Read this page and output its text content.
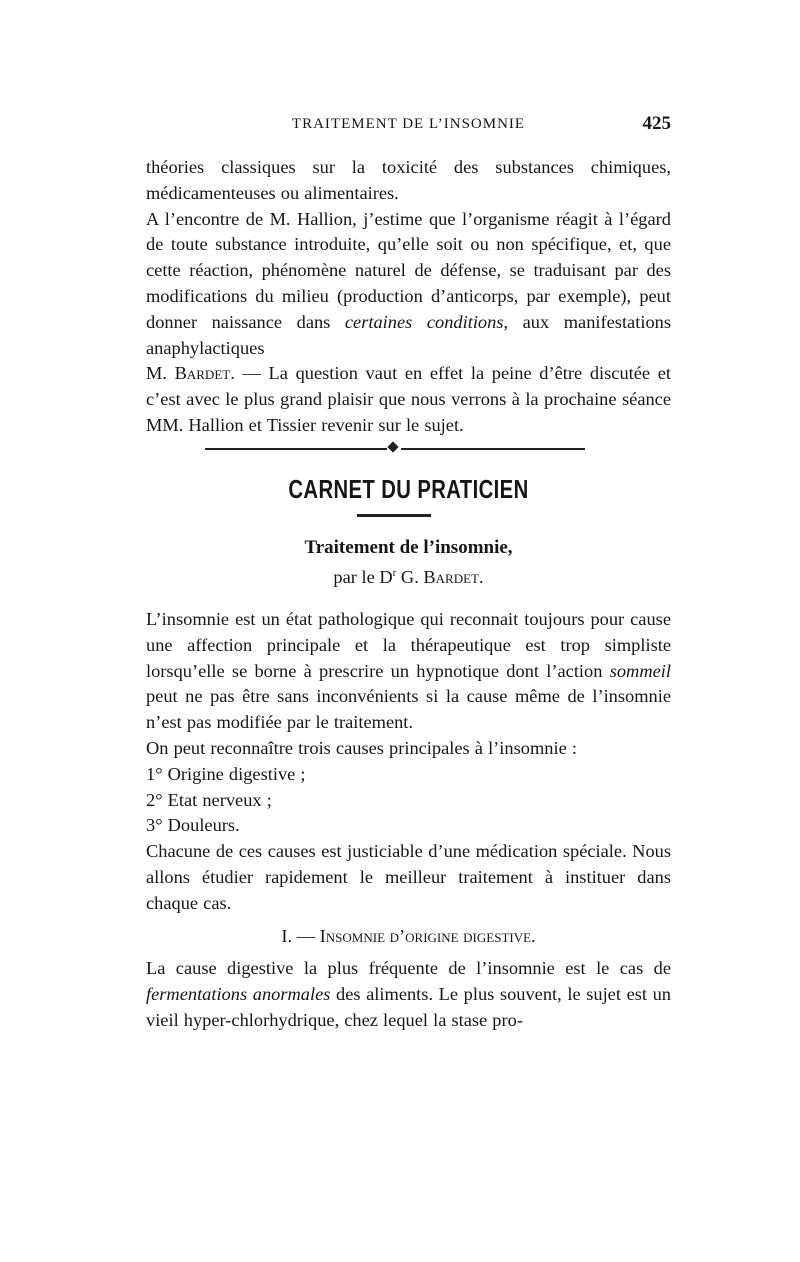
TRAITEMENT DE L’INSOMNIE	425

théories classiques sur la toxicité des substances chimiques, médicamenteuses ou alimentaires.

A l’encontre de M. Hallion, j’estime que l’organisme réagit à l’égard de toute substance introduite, qu’elle soit ou non spécifique, et, que cette réaction, phénomène naturel de défense, se traduisant par des modifications du milieu (production d’anticorps, par exemple), peut donner naissance dans certaines conditions, aux manifestations anaphylactiques

M. Bardet. — La question vaut en effet la peine d’être discutée et c’est avec le plus grand plaisir que nous verrons à la prochaine séance MM. Hallion et Tissier revenir sur le sujet.

CARNET DU PRATICIEN
Traitement de l’insomnie,
par le $D^r$ G. Bardet.

L’insomnie est un état pathologique qui reconnait toujours pour cause une affection principale et la thérapeutique est trop simpliste lorsqu’elle se borne à prescrire un hypnotique dont l’action sommeil peut ne pas être sans inconvénients si la cause même de l’insomnie n’est pas modifiée par le traitement.

On peut reconnaître trois causes principales à l’insomnie :

1° Origine digestive ;

2° Etat nerveux ;

3° Douleurs.

Chacune de ces causes est justiciable d’une médication spéciale. Nous allons étudier rapidement le meilleur traitement à instituer dans chaque cas.

I. — Insomnie d’origine digestive.

La cause digestive la plus fréquente de l’insomnie est le cas de fermentations anormales des aliments. Le plus souvent, le sujet est un vieil hyper-chlorhydrique, chez lequel la stase pro-
